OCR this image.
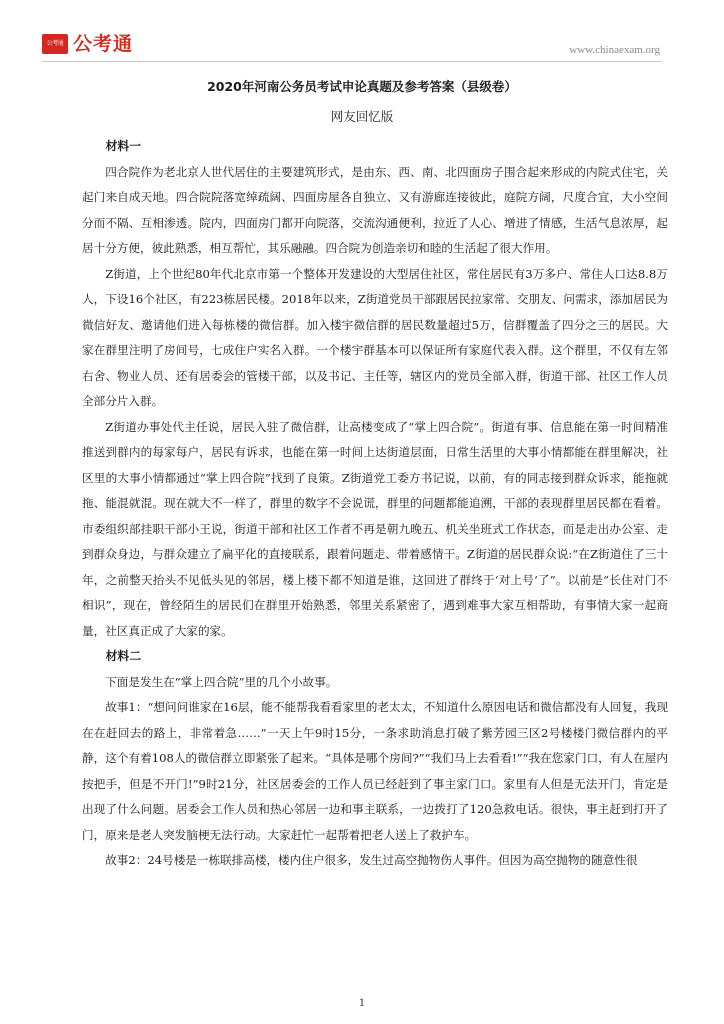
公考通 公考通	www.chinaexam.org
2020年河南公务员考试申论真题及参考答案（县级卷）
网友回忆版
材料一

四合院作为老北京人世代居住的主要建筑形式，是由东、西、南、北四面房子围合起来形成的内院式住宅，关起门来自成天地。四合院院落宽绰疏阔、四面房屋各自独立、又有游廊连接彼此，庭院方阔，尺度合宜，大小空间分而不隔、互相渗透。院内，四面房门都开向院落，交流沟通便利，拉近了人心、增进了情感，生活气息浓厚，起居十分方便，彼此熟悉，相互帮忙，其乐融融。四合院为创造亲切和睦的生活起了很大作用。

Z街道，上个世纪80年代北京市第一个整体开发建设的大型居住社区，常住居民有3万多户、常住人口达8.8万人，下设16个社区，有223栋居民楼。2018年以来，Z街道党员干部跟居民拉家常、交朋友、问需求，添加居民为微信好友、邀请他们进入每栋楼的微信群。加入楼宇微信群的居民数量超过5万，信群覆盖了四分之三的居民。大家在群里注明了房间号，七成住户实名入群。一个楼宇群基本可以保证所有家庭代表入群。这个群里，不仅有左邻右舍、物业人员、还有居委会的管楼干部，以及书记、主任等，辖区内的党员全部入群，街道干部、社区工作人员全部分片入群。

Z街道办事处代主任说，居民入驻了微信群，让高楼变成了“掌上四合院”。街道有事、信息能在第一时间精准推送到群内的每家每户，居民有诉求，也能在第一时间上达街道层面，日常生活里的大事小情都能在群里解决，社区里的大事小情都通过“掌上四合院”找到了良策。Z街道党工委方书记说，以前，有的同志接到群众诉求，能拖就拖、能混就混。现在就大不一样了，群里的数字不会说谎，群里的问题都能追溯，干部的表现群里居民都在看着。市委组织部挂职干部小王说，街道干部和社区工作者不再是朝九晚五、机关坐班式工作状态，而是走出办公室、走到群众身边，与群众建立了扁平化的直接联系，跟着问题走、带着感情干。Z街道的居民群众说:“在Z街道住了三十年，之前整天抬头不见低头见的邻居，楼上楼下都不知道是谁，这回进了群终于‘对上号’了”。以前是“长住对门不相识”，现在，曾经陌生的居民们在群里开始熟悉，邻里关系紧密了，遇到难事大家互相帮助，有事情大家一起商量，社区真正成了大家的家。

材料二

下面是发生在“掌上四合院”里的几个小故事。

故事1：“想问问谁家在16层，能不能帮我看看家里的老太太，不知道什么原因电话和微信都没有人回复，我现在在赶回去的路上，非常着急……”一天上午9时15分，一条求助消息打破了紫芳园三区2号楼楼门微信群内的平静，这个有着108人的微信群立即紧张了起来。“具体是哪个房间?”“我们马上去看看!”“我在您家门口，有人在屋内按把手，但是不开门!”9时21分，社区居委会的工作人员已经赶到了事主家门口。家里有人但是无法开门，肯定是出现了什么问题。居委会工作人员和热心邻居一边和事主联系，一边拨打了120急救电话。很快，事主赶到打开了门，原来是老人突发脑梗无法行动。大家赶忙一起帮着把老人送上了救护车。

故事2：24号楼是一栋联排高楼，楼内住户很多，发生过高空抛物伤人事件。但因为高空抛物的随意性很

1
